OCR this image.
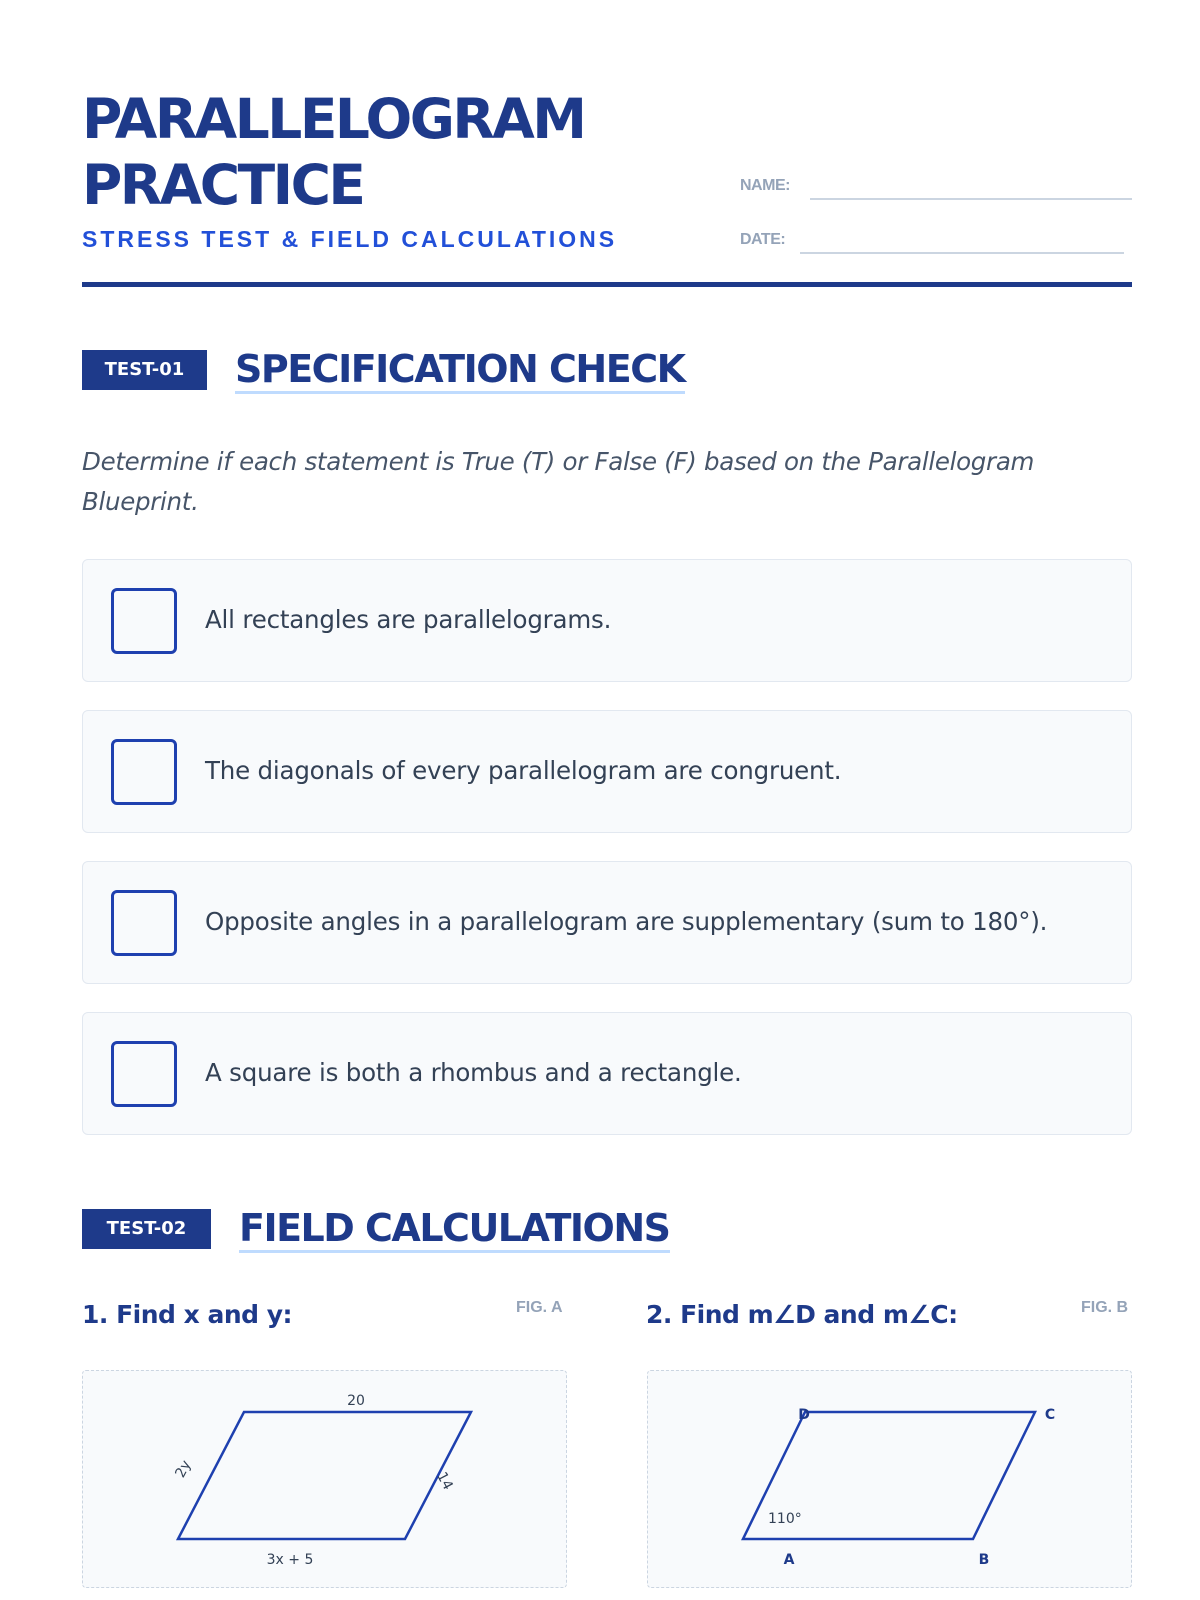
PARALLELOGRAM
PRACTICE
STRESS TEST & FIELD CALCULATIONS
NAME:
DATE:
TEST-01	SPECIFICATION CHECK
Determine if each statement is True (T) or False (F) based on the Parallelogram Blueprint.
All rectangles are parallelograms.
The diagonals of every parallelogram are congruent.
Opposite angles in a parallelogram are supplementary (sum to 180°).
A square is both a rhombus and a rectangle.
TEST-02	FIELD CALCULATIONS
1. Find x and y:	FIG. A	2. Find m∠D and m∠C:	FIG. B
20
3x + 5
2y
14
D	C
A	B
110°
